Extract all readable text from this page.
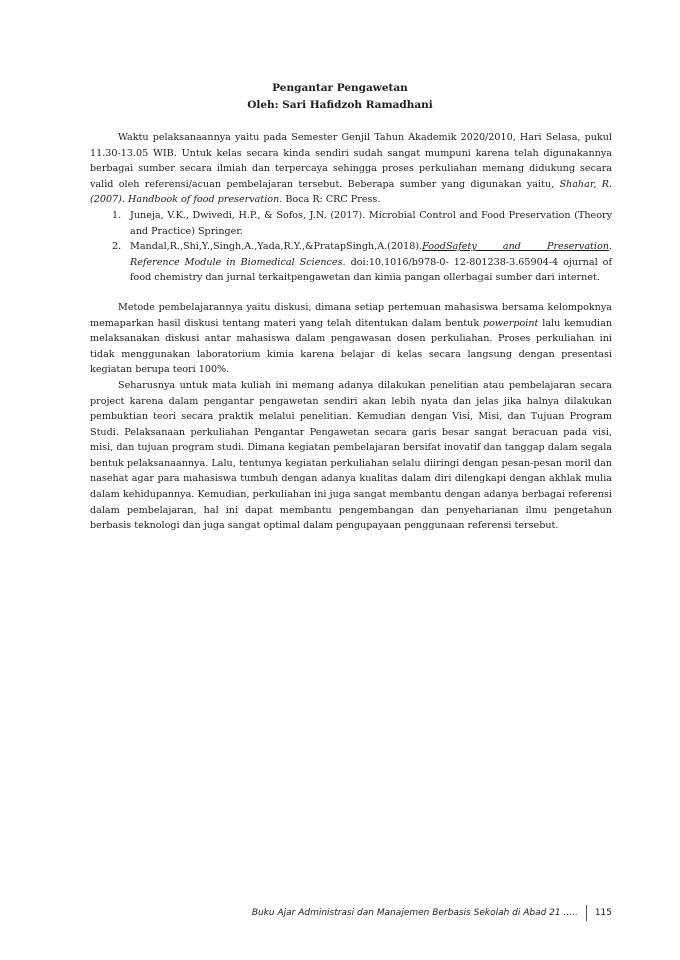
Pengantar Pengawetan
Oleh: Sari Hafidzoh Ramadhani

Waktu pelaksanaannya yaitu pada Semester Genjil Tahun Akademik 2020/2010, Hari Selasa, pukul 11.30-13.05 WIB. Untuk kelas secara kinda sendiri sudah sangat mumpuni karena telah digunakannya berbagai sumber secara ilmiah dan terpercaya sehingga proses perkuliahan memang didukung secara valid oleh referensi/acuan pembelajaran tersebut. Beberapa sumber yang digunakan yaitu, Shahar, R. (2007). Handbook of food preservation. Boca R: CRC Press.

1. Juneja, V.K., Dwivedi, H.P., & Sofos, J.N. (2017). Microbial Control and Food Preservation (Theory and Practice) Springer.
2. Mandal,R.,Shi,Y.,Singh,A.,Yada,R.Y.,&PratapSingh,A.(2018).FoodSafety and Preservation. Reference Module in Biomedical Sciences. doi:10.1016/b978-0- 12-801238-3.65904-4 ojurnal of food chemistry dan jurnal terkaitpengawetan dan kimia pangan ollerbagai sumber dari internet.

Metode pembelajarannya yaitu diskusi, dimana setiap pertemuan mahasiswa bersama kelompoknya memaparkan hasil diskusi tentang materi yang telah ditentukan dalam bentuk powerpoint lalu kemudian melaksanakan diskusi antar mahasiswa dalam pengawasan dosen perkuliahan. Proses perkuliahan ini tidak menggunakan laboratorium kimia karena belajar di kelas secara langsung dengan presentasi kegiatan berupa teori 100%.

Seharusnya untuk mata kuliah ini memang adanya dilakukan penelitian atau pembelajaran secara project karena dalam pengantar pengawetan sendiri akan lebih nyata dan jelas jika halnya dilakukan pembuktian teori secara praktik melalui penelitian. Kemudian dengan Visi, Misi, dan Tujuan Program Studi. Pelaksanaan perkuliahan Pengantar Pengawetan secara garis besar sangat beracuan pada visi, misi, dan tujuan program studi. Dimana kegiatan pembelajaran bersifat inovatif dan tanggap dalam segala bentuk pelaksanaannya. Lalu, tentunya kegiatan perkuliahan selalu diiringi dengan pesan-pesan moril dan nasehat agar para mahasiswa tumbuh dengan adanya kualitas dalam diri dilengkapi dengan akhlak mulia dalam kehidupannya. Kemudian, perkuliahan ini juga sangat membantu dengan adanya berbagai referensi dalam pembelajaran, hal ini dapat membantu pengembangan dan penyeharianan ilmu pengetahun berbasis teknologi dan juga sangat optimal dalam pengupayaan penggunaan referensi tersebut.

Buku Ajar Administrasi dan Manajemen Berbasis Sekolah di Abad 21 ..... 115
